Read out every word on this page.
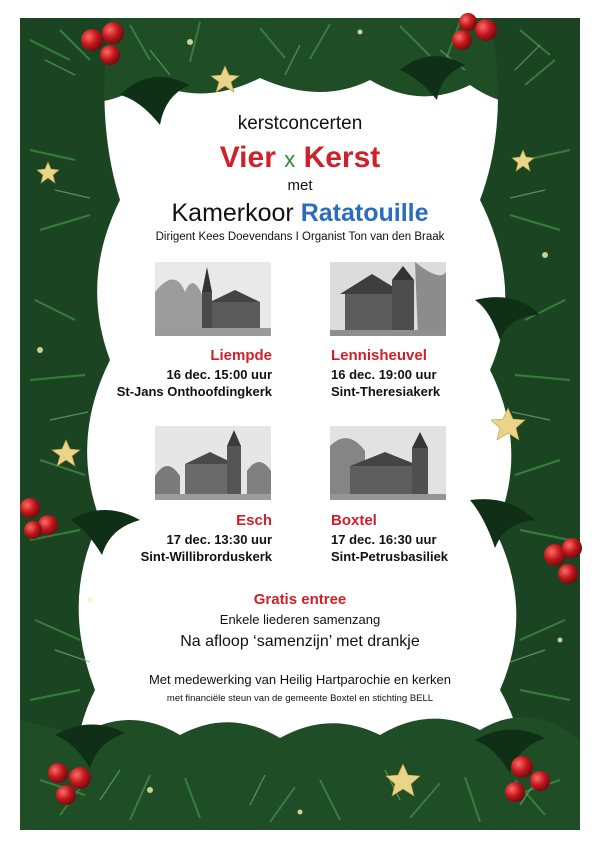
kerstconcerten
Vier x Kerst
met
Kamerkoor Ratatouille
Dirigent Kees Doevendans I Organist Ton van den Braak
Liempde
16 dec. 15:00 uur
St-Jans Onthoofdingkerk
Lennisheuvel
16 dec. 19:00 uur
Sint-Theresiakerk
Esch
17 dec. 13:30 uur
Sint-Willibrorduskerk
Boxtel
17 dec. 16:30 uur
Sint-Petrusbasiliek
Gratis entree
Enkele liederen samenzang
Na afloop ‘samenzijn’ met drankje
Met medewerking van Heilig Hartparochie en kerken
met financiële steun van de gemeente Boxtel en stichting BELL
